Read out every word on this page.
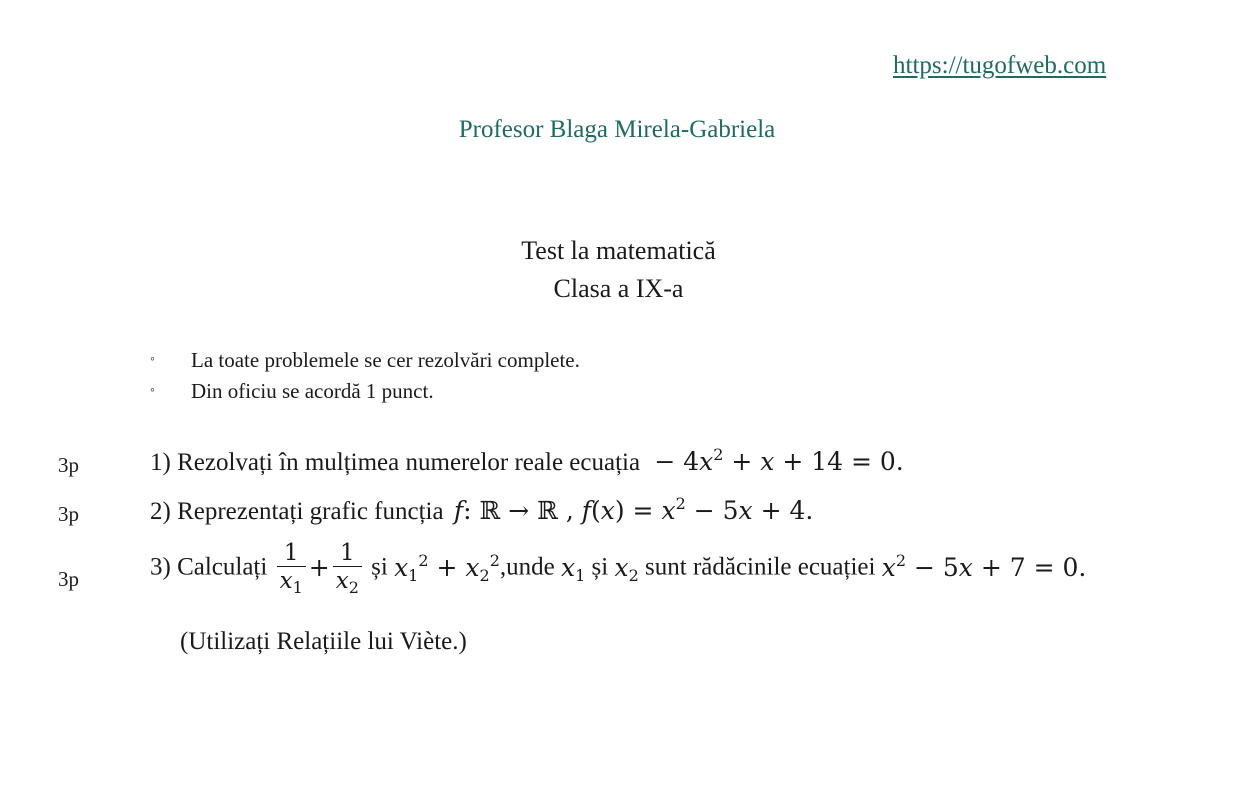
https://tugofweb.com
Profesor Blaga Mirela-Gabriela
Test la matematică
Clasa a IX-a
◦ La toate problemele se cer rezolvări complete.
◦ Din oficiu se acordă 1 punct.
3p	1) Rezolvați în mulțimea numerelor reale ecuația − $4x^2 + x + 14 = 0$.
3p	2) Reprezentați grafic funcția f: ℝ → ℝ , $f(x) = x^2 - 5x + 4$.
3p	3) Calculați $\frac{1}{x_1} + \frac{1}{x_2}$ și $x_1^2$ + $x_2^2,unde$ $x_1$ și $x_2$ sunt rădăcinile ecuației $x^2 - 5x + 7 = 0$.
(Utilizați Relațiile lui Viète.)
